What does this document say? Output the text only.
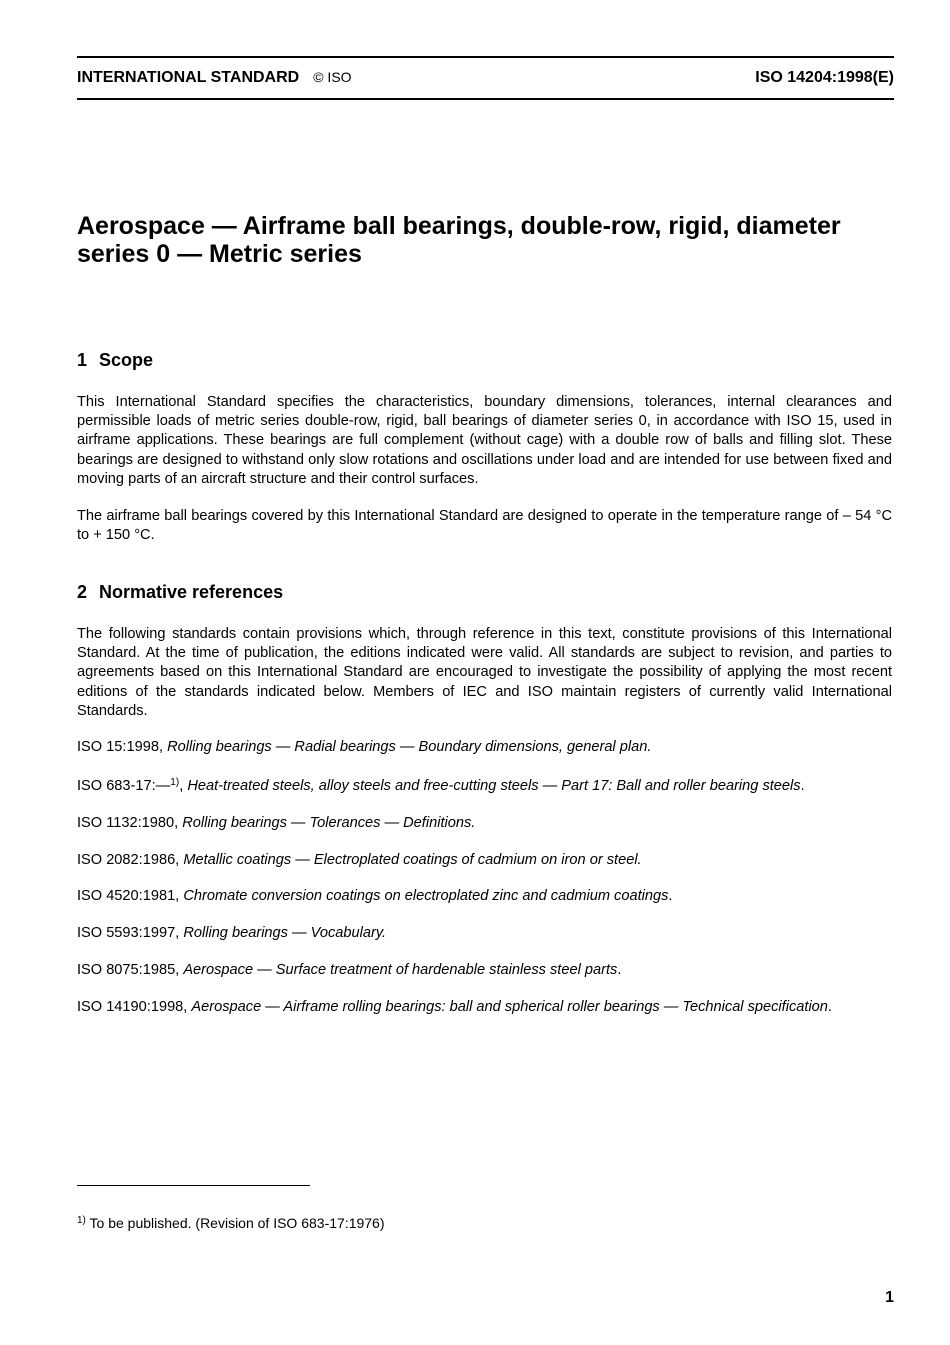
INTERNATIONAL STANDARD © ISO	ISO 14204:1998(E)
Aerospace — Airframe ball bearings, double-row, rigid, diameter series 0 — Metric series
1 Scope

This International Standard specifies the characteristics, boundary dimensions, tolerances, internal clearances and permissible loads of metric series double-row, rigid, ball bearings of diameter series 0, in accordance with ISO 15, used in airframe applications. These bearings are full complement (without cage) with a double row of balls and filling slot. These bearings are designed to withstand only slow rotations and oscillations under load and are intended for use between fixed and moving parts of an aircraft structure and their control surfaces.

The airframe ball bearings covered by this International Standard are designed to operate in the temperature range of – 54 °C to + 150 °C.

2 Normative references

The following standards contain provisions which, through reference in this text, constitute provisions of this International Standard. At the time of publication, the editions indicated were valid. All standards are subject to revision, and parties to agreements based on this International Standard are encouraged to investigate the possibility of applying the most recent editions of the standards indicated below. Members of IEC and ISO maintain registers of currently valid International Standards.

ISO 15:1998, Rolling bearings — Radial bearings — Boundary dimensions, general plan.

ISO 683-17:—$^{1)}$, Heat-treated steels, alloy steels and free-cutting steels — Part 17: Ball and roller bearing steels.

ISO 1132:1980, Rolling bearings — Tolerances — Definitions.

ISO 2082:1986, Metallic coatings — Electroplated coatings of cadmium on iron or steel.

ISO 4520:1981, Chromate conversion coatings on electroplated zinc and cadmium coatings.

ISO 5593:1997, Rolling bearings — Vocabulary.

ISO 8075:1985, Aerospace — Surface treatment of hardenable stainless steel parts.

ISO 14190:1998, Aerospace — Airframe rolling bearings: ball and spherical roller bearings — Technical specification.

$^{1)}$ To be published. (Revision of ISO 683-17:1976)

1
